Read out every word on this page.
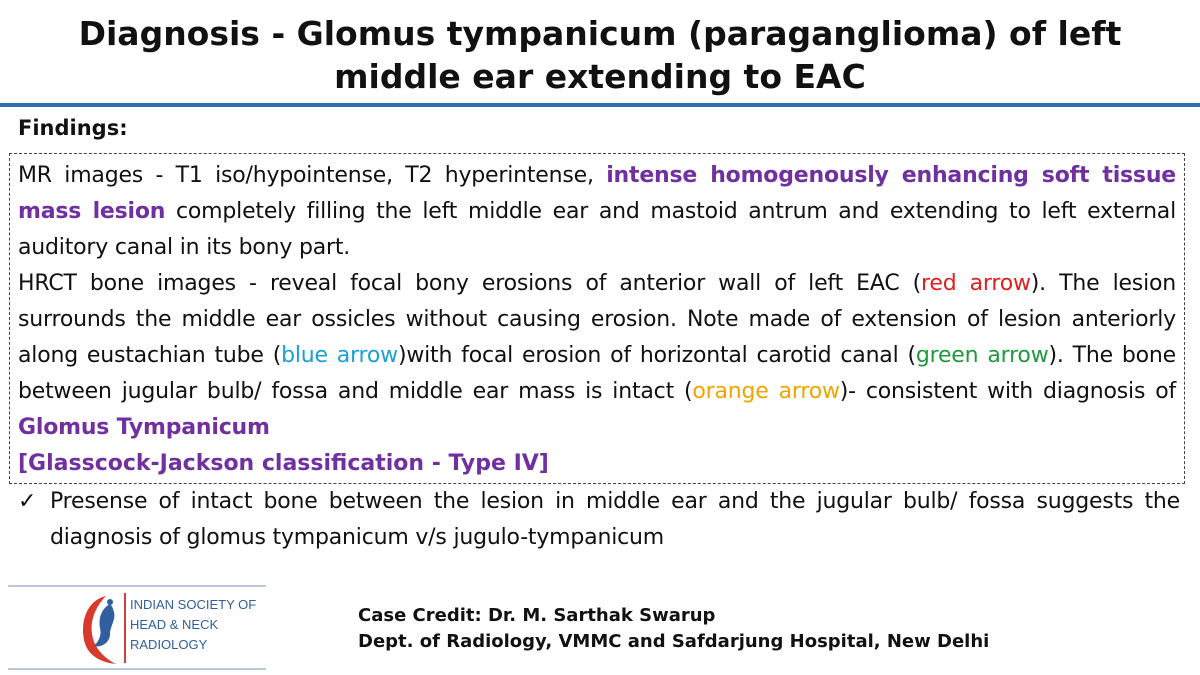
Diagnosis - Glomus tympanicum (paraganglioma) of left
middle ear extending to EAC
Findings:

MR images - T1 iso/hypointense, T2 hyperintense, intense homogenously enhancing soft tissue mass lesion completely filling the left middle ear and mastoid antrum and extending to left external auditory canal in its bony part.

HRCT bone images - reveal focal bony erosions of anterior wall of left EAC (red arrow). The lesion surrounds the middle ear ossicles without causing erosion. Note made of extension of lesion anteriorly along eustachian tube (blue arrow)with focal erosion of horizontal carotid canal (green arrow). The bone between jugular bulb/ fossa and middle ear mass is intact (orange arrow)- consistent with diagnosis of Glomus Tympanicum

[Glasscock-Jackson classification - Type IV]
✓ Presense of intact bone between the lesion in middle ear and the jugular bulb/ fossa suggests the diagnosis of glomus tympanicum v/s jugulo-tympanicum
INDIAN SOCIETY OF
HEAD & NECK
RADIOLOGY
Case Credit: Dr. M. Sarthak Swarup
Dept. of Radiology, VMMC and Safdarjung Hospital, New Delhi
